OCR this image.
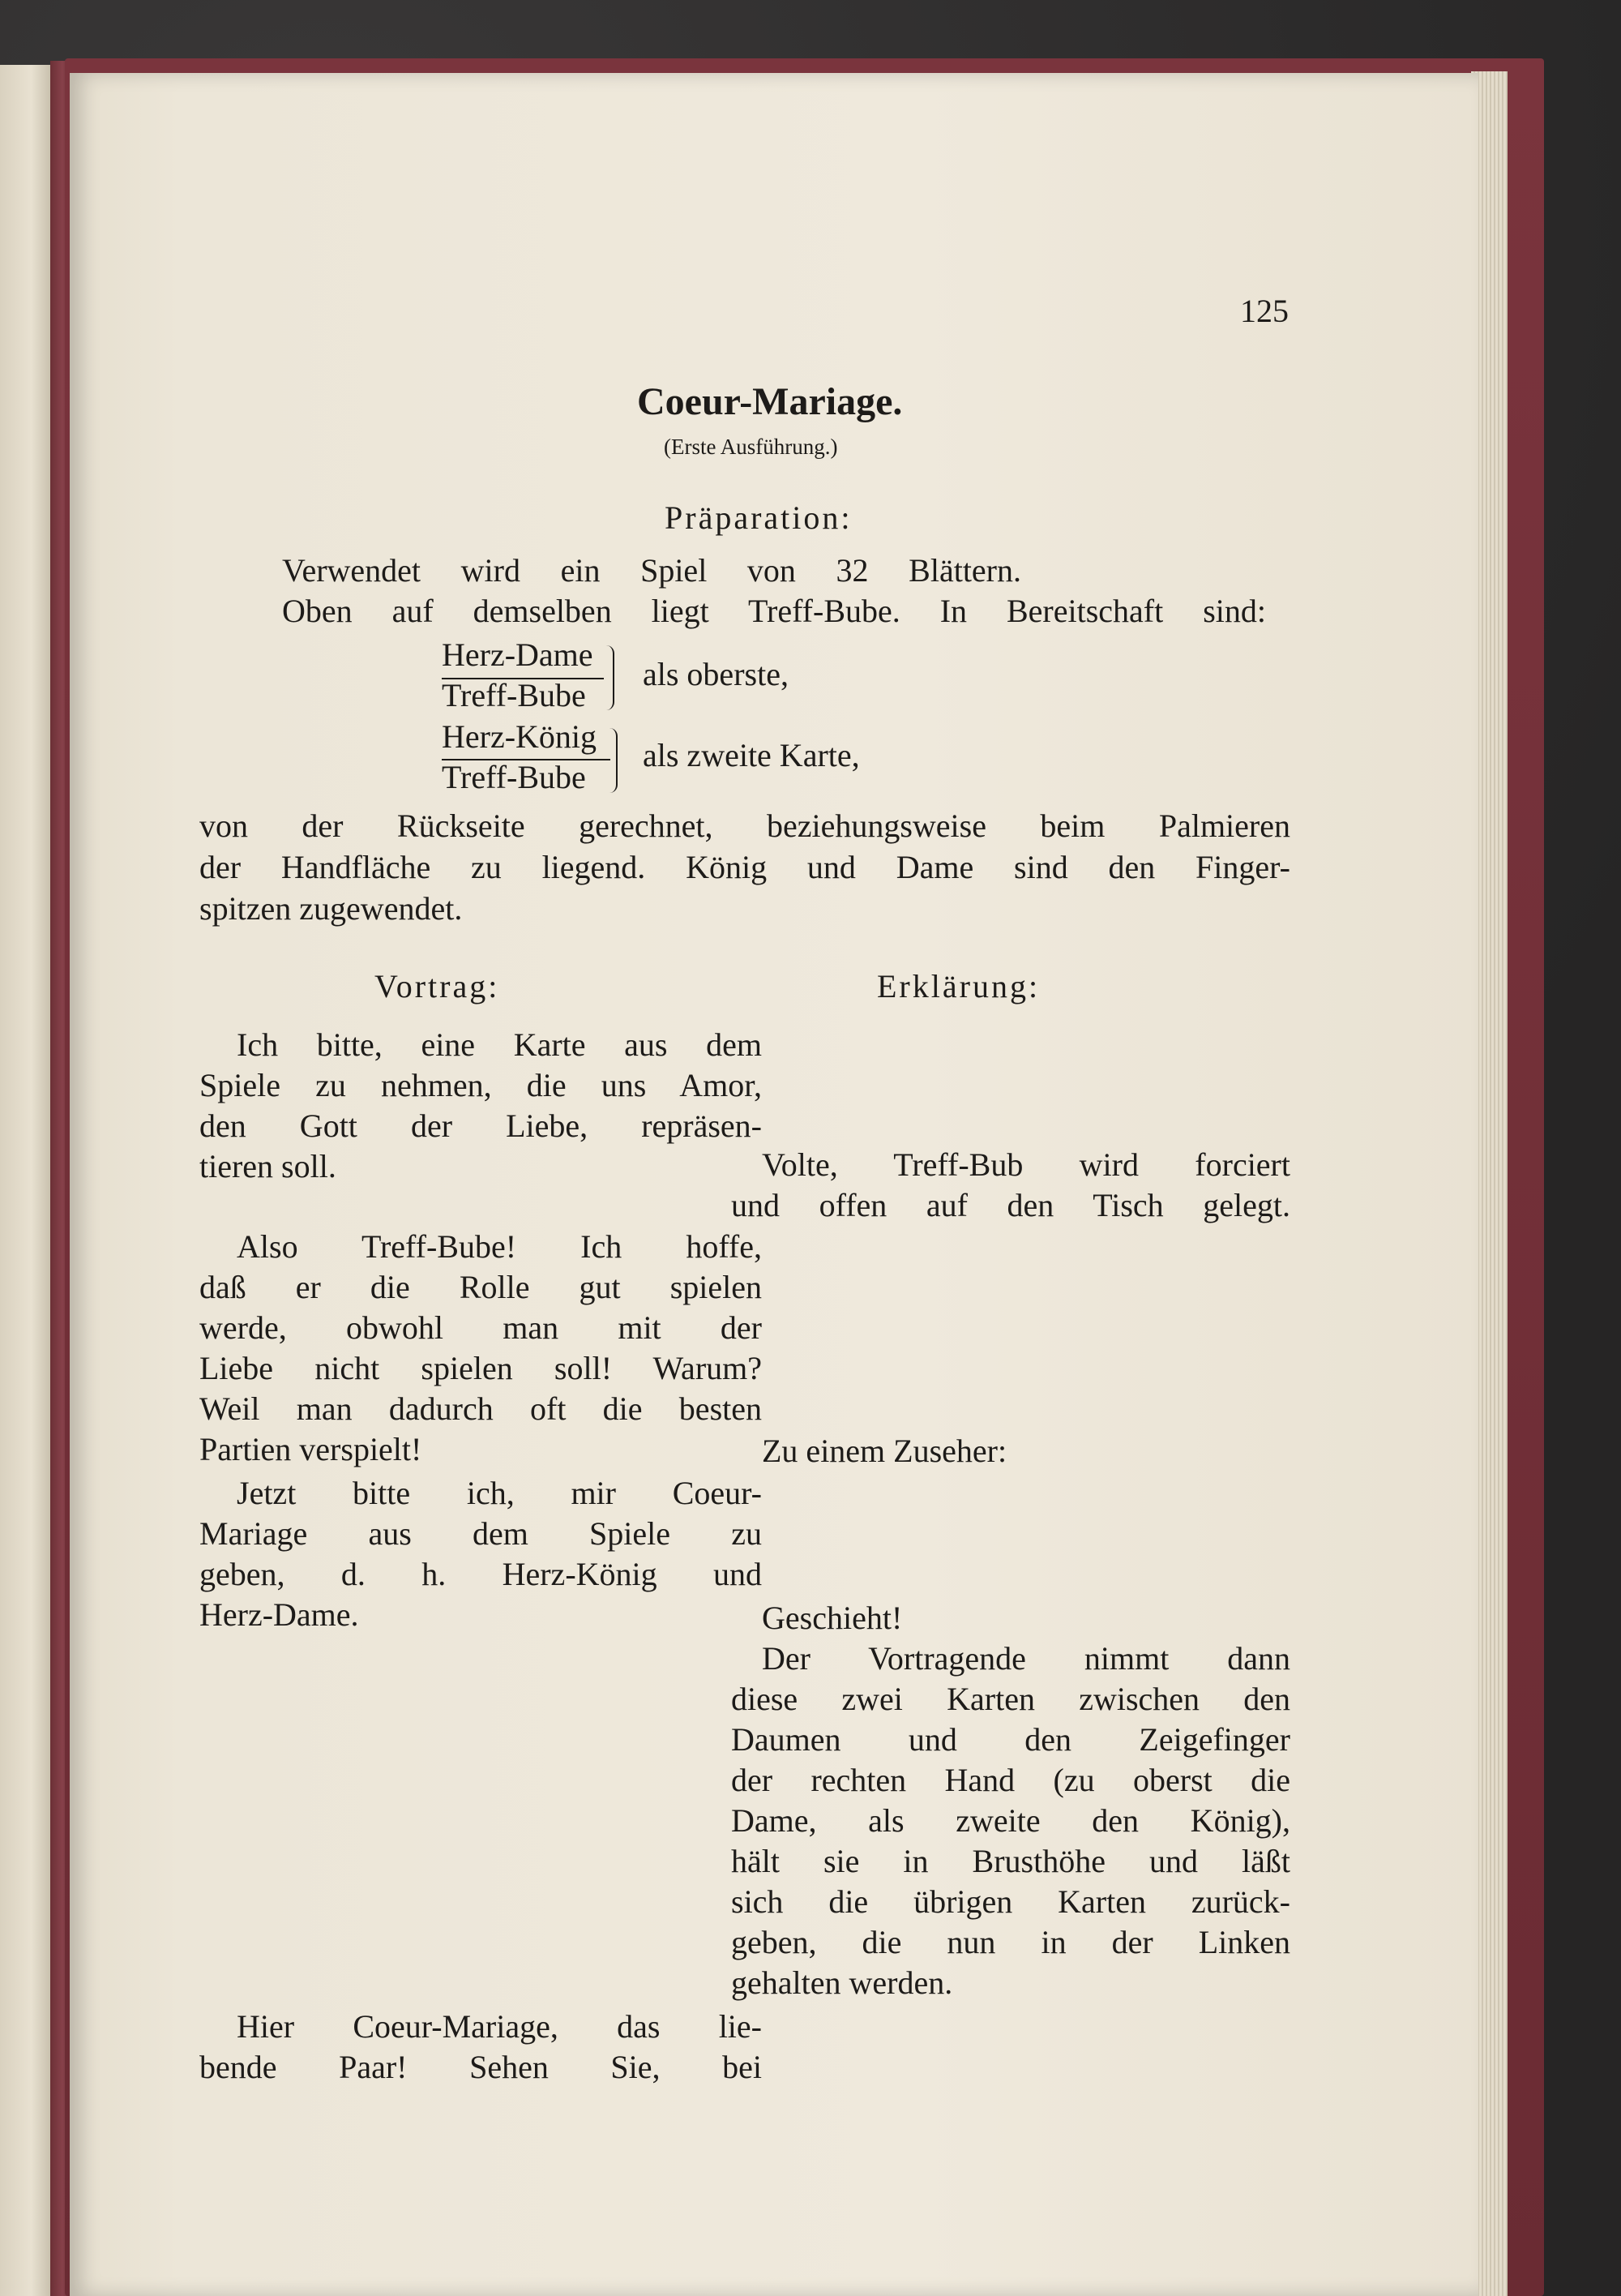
125
Coeur-Mariage.
(Erste Ausführung.)
Präparation:
Verwendet wird ein Spiel von 32 Blättern.
Oben auf demselben liegt Treff-Bube. In Bereitschaft sind:
Herz-Dame
Treff-Bube
als oberste,
Herz-König
Treff-Bube
als zweite Karte,
von der Rückseite gerechnet, beziehungsweise beim Palmieren
der Handfläche zu liegend. König und Dame sind den Finger-
spitzen zugewendet.
Vortrag:	Erklärung:
Ich bitte, eine Karte aus dem
Spiele zu nehmen, die uns Amor,
den Gott der Liebe, repräsen-
tieren soll.
Also Treff-Bube! Ich hoffe,
daß er die Rolle gut spielen
werde, obwohl man mit der
Liebe nicht spielen soll! Warum?
Weil man dadurch oft die besten
Partien verspielt!
Jetzt bitte ich, mir Coeur-
Mariage aus dem Spiele zu
geben, d. h. Herz-König und
Herz-Dame.
Hier Coeur-Mariage, das lie-
bende Paar! Sehen Sie, bei
Volte, Treff-Bub wird forciert
und offen auf den Tisch gelegt.
Zu einem Zuseher:
Geschieht!
Der Vortragende nimmt dann
diese zwei Karten zwischen den
Daumen und den Zeigefinger
der rechten Hand (zu oberst die
Dame, als zweite den König),
hält sie in Brusthöhe und läßt
sich die übrigen Karten zurück-
geben, die nun in der Linken
gehalten werden.
